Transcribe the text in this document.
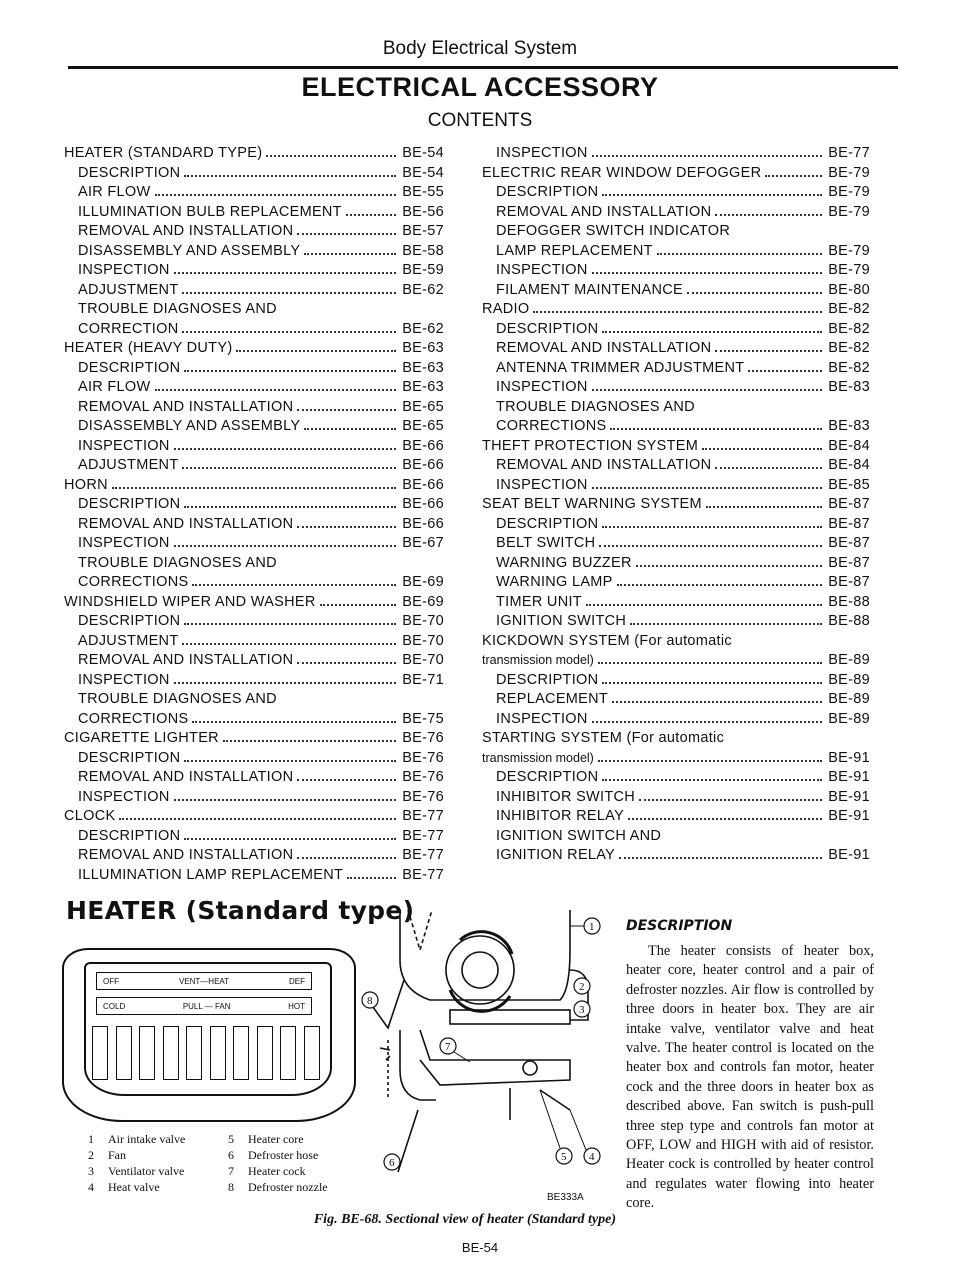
Body Electrical System
ELECTRICAL ACCESSORY
CONTENTS
HEATER (STANDARD TYPE)	BE-54
DESCRIPTION	BE-54
AIR FLOW	BE-55
ILLUMINATION BULB REPLACEMENT	BE-56
REMOVAL AND INSTALLATION	BE-57
DISASSEMBLY AND ASSEMBLY	BE-58
INSPECTION	BE-59
ADJUSTMENT	BE-62
TROUBLE DIAGNOSES AND
CORRECTION	BE-62
HEATER (HEAVY DUTY)	BE-63
DESCRIPTION	BE-63
AIR FLOW	BE-63
REMOVAL AND INSTALLATION	BE-65
DISASSEMBLY AND ASSEMBLY	BE-65
INSPECTION	BE-66
ADJUSTMENT	BE-66
HORN	BE-66
DESCRIPTION	BE-66
REMOVAL AND INSTALLATION	BE-66
INSPECTION	BE-67
TROUBLE DIAGNOSES AND
CORRECTIONS	BE-69
WINDSHIELD WIPER AND WASHER	BE-69
DESCRIPTION	BE-70
ADJUSTMENT	BE-70
REMOVAL AND INSTALLATION	BE-70
INSPECTION	BE-71
TROUBLE DIAGNOSES AND
CORRECTIONS	BE-75
CIGARETTE LIGHTER	BE-76
DESCRIPTION	BE-76
REMOVAL AND INSTALLATION	BE-76
INSPECTION	BE-76
CLOCK	BE-77
DESCRIPTION	BE-77
REMOVAL AND INSTALLATION	BE-77
ILLUMINATION LAMP REPLACEMENT	BE-77
INSPECTION	BE-77
ELECTRIC REAR WINDOW DEFOGGER	BE-79
DESCRIPTION	BE-79
REMOVAL AND INSTALLATION	BE-79
DEFOGGER SWITCH INDICATOR
LAMP REPLACEMENT	BE-79
INSPECTION	BE-79
FILAMENT MAINTENANCE	BE-80
RADIO	BE-82
DESCRIPTION	BE-82
REMOVAL AND INSTALLATION	BE-82
ANTENNA TRIMMER ADJUSTMENT	BE-82
INSPECTION	BE-83
TROUBLE DIAGNOSES AND
CORRECTIONS	BE-83
THEFT PROTECTION SYSTEM	BE-84
REMOVAL AND INSTALLATION	BE-84
INSPECTION	BE-85
SEAT BELT WARNING SYSTEM	BE-87
DESCRIPTION	BE-87
BELT SWITCH	BE-87
WARNING BUZZER	BE-87
WARNING LAMP	BE-87
TIMER UNIT	BE-88
IGNITION SWITCH	BE-88
KICKDOWN SYSTEM (For automatic
transmission model)	BE-89
DESCRIPTION	BE-89
REPLACEMENT	BE-89
INSPECTION	BE-89
STARTING SYSTEM (For automatic
transmission model)	BE-91
DESCRIPTION	BE-91
INHIBITOR SWITCH	BE-91
INHIBITOR RELAY	BE-91
IGNITION SWITCH AND
IGNITION RELAY	BE-91
HEATER (Standard type)
OFF	VENT—HEAT	DEF
COLD	PULL — FAN	HOT
1	Air intake valve
2	Fan
3	Ventilator valve
4	Heat valve
5	Heater core
6	Defroster hose
7	Heater cock
8	Defroster nozzle
1
2
3
4
5
6
7
8
BE333A
Fig. BE-68. Sectional view of heater (Standard type)
BE-54
DESCRIPTION

The heater consists of heater box, heater core, heater control and a pair of defroster nozzles. Air flow is controlled by three doors in heater box. They are air intake valve, ventilator valve and heat valve. The heater control is located on the heater box and controls fan motor, heater cock and the three doors in heater box as described above. Fan switch is push-pull three step type and controls fan motor at OFF, LOW and HIGH with aid of resistor. Heater cock is controlled by heater control and regulates water flowing into heater core.
